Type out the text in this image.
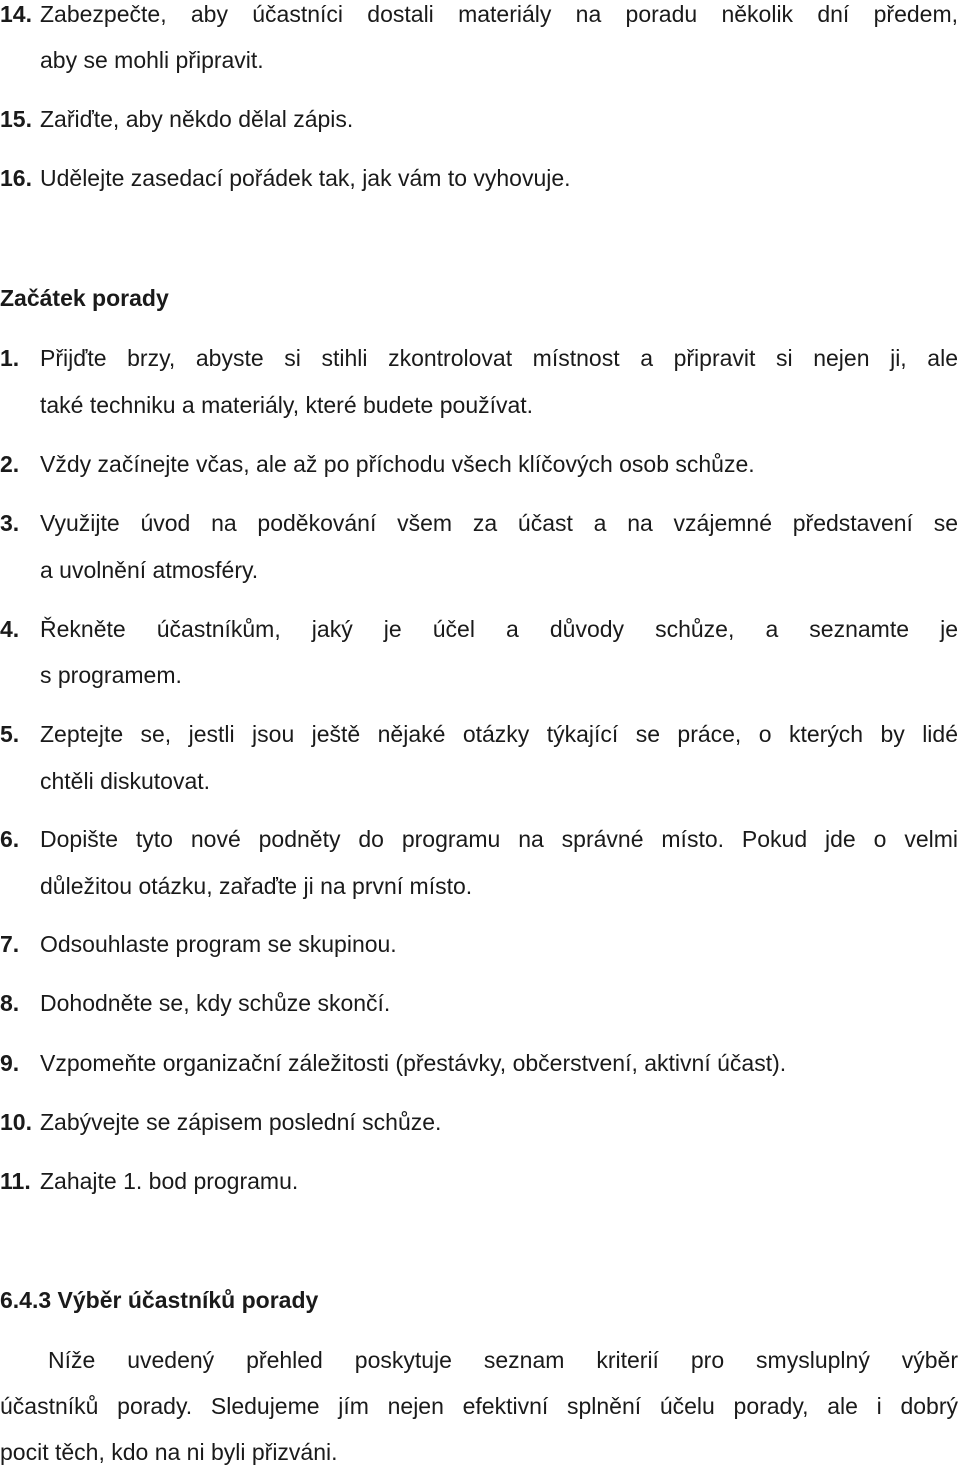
14. Zabezpečte, aby účastníci dostali materiály na poradu několik dní předem,
aby se mohli připravit.
15. Zařiďte, aby někdo dělal zápis.
16. Udělejte zasedací pořádek tak, jak vám to vyhovuje.
Začátek porady
1. Přijďte brzy, abyste si stihli zkontrolovat místnost a připravit si nejen ji, ale
také techniku a materiály, které budete používat.
2. Vždy začínejte včas, ale až po příchodu všech klíčových osob schůze.
3. Využijte úvod na poděkování všem za účast a na vzájemné představení se
a uvolnění atmosféry.
4. Řekněte účastníkům, jaký je účel a důvody schůze, a seznamte je
s programem.
5. Zeptejte se, jestli jsou ještě nějaké otázky týkající se práce, o kterých by lidé
chtěli diskutovat.
6. Dopište tyto nové podněty do programu na správné místo. Pokud jde o velmi
důležitou otázku, zařaďte ji na první místo.
7. Odsouhlaste program se skupinou.
8. Dohodněte se, kdy schůze skončí.
9. Vzpomeňte organizační záležitosti (přestávky, občerstvení, aktivní účast).
10. Zabývejte se zápisem poslední schůze.
11. Zahajte 1. bod programu.
6.4.3 Výběr účastníků porady
Níže uvedený přehled poskytuje seznam kriterií pro smysluplný výběr
účastníků porady. Sledujeme jím nejen efektivní splnění účelu porady, ale i dobrý
pocit těch, kdo na ni byli přizváni.
